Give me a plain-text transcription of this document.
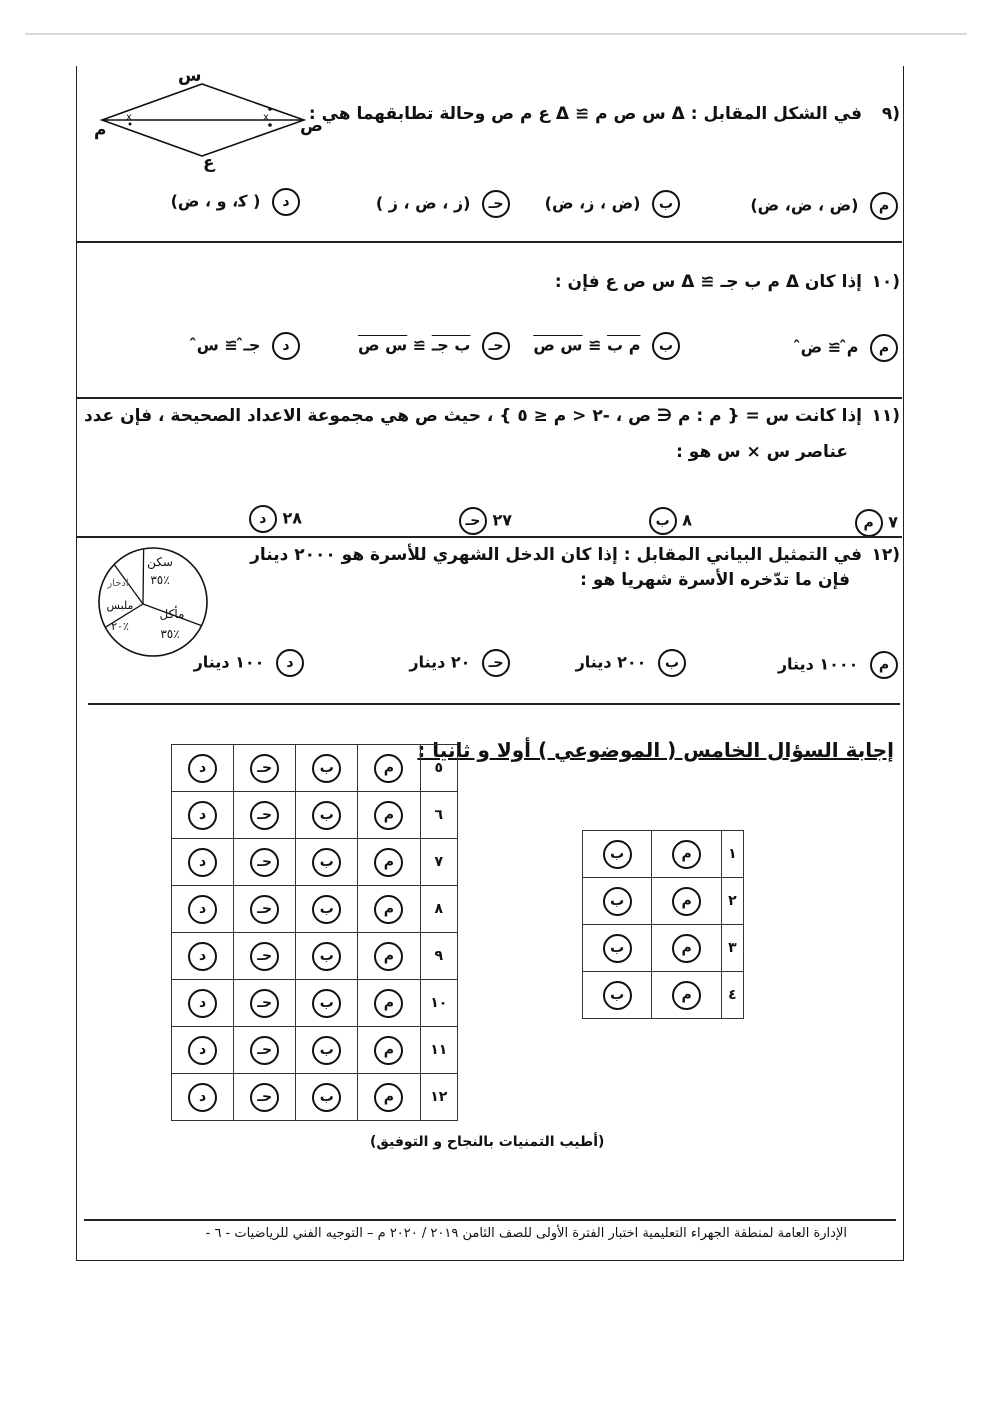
x	x
س
ع
م	ص
٩)
في الشكل المقابل : Δ س ص م ≅ Δ ع م ص وحالة تطابقهما هي :
م (ض ، ض، ض)
ب (ض ، ز، ض)
حـ (ز ، ض ، ز )
د ( ﮐ، و ، ض)
١٠)
إذا كان Δ م ب جـ ≅ Δ س ص ع فإن :
م م̂ ≅ ض̂
ب م ب ≅ س ص
حـ ب جـ ≅ س ص
د جـ̂ ≅ س̂
١١)
إذا كانت س = { م : م ∈ ص ، -٢ < م ≤ ٥ } ، حيث ص هي مجموعة الاعداد الصحيحة ، فإن عدد
عناصر س × س هو :
م ٧
ب ٨
حـ ٢٧
د ٢٨
١٢)
في التمثيل البياني المقابل : إذا كان الدخل الشهري للأسرة هو ٢٠٠٠ دينار
فإن ما تدّخره الأسرة شهريا هو :
سكن
٣٥٪
مأكل
٣٥٪
ملبس
٢٠٪
ادخار
م ١٠٠٠ دينار
ب ٢٠٠ دينار
حـ ٢٠ دينار
د ١٠٠ دينار
إجابة السؤال الخامس ( الموضوعي ) أولا و ثانيا :
د	حـ	ب	م	٥
د	حـ	ب	م	٦
د	حـ	ب	م	٧
د	حـ	ب	م	٨
د	حـ	ب	م	٩
د	حـ	ب	م	١٠
د	حـ	ب	م	١١
د	حـ	ب	م	١٢
ب	م	١
ب	م	٢
ب	م	٣
ب	م	٤
(أطيب التمنيات بالنجاح و التوفيق)
الإدارة العامة لمنطقة الجهراء التعليمية اختبار الفترة الأولى للصف الثامن ٢٠١٩ / ٢٠٢٠ م – التوجيه الفني للرياضيات - ٦ -
